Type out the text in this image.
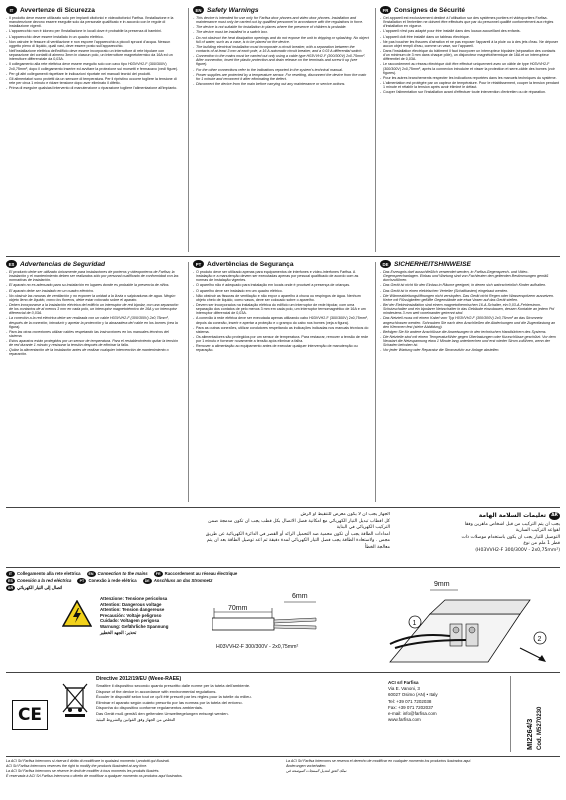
IT Avvertenze di Sicurezza
- Il prodotto deve essere utilizzato solo per impianti citofonici e videocitofonici Farfisa. l'installazione e la manutenzione devono essere eseguite solo da personale qualificato e in accordo con le regole di installazione vigenti.
- L'apparecchio non è idoneo per l'installazione in locali dove è probabile la presenza di bambini.
- L'apparecchio deve essere installato in un quadro elettrico.
- Non ostruire le fessure di ventilazione e non esporre l'apparecchio a piccoli spruzzi d'acqua. Nessun oggetto pieno di liquido, quali vasi, deve essere posto sull'apparecchio.
- Nell'installazione elettrica dell'edificio deve essere incorporato un interruttore di rete bipolare con separazione dei contatti di almeno 3mm in ciascun polo, un interruttore magnetotermico da 16A ed un interruttore differenziale da 0,03A.
- Il collegamento alla rete elettrica deve essere eseguito solo con cavo tipo H03VVH2-F (300/300V) 2x0,75mm², dopo il collegamento inserire ed avvitare la protezione sui morsetti e fermacavo (vedi figure).
- Per gli altri collegamenti rispettare le indicazioni riportate nei manuali tecnici dei prodotti.
- Gli alimentatori sono protetti da un sensore di temperatura. Per il ripristino occorre togliere la tensione di rete per circa 1 minuto e ridare tensione dopo aver eliminato il difetto.
- Prima di eseguire qualsiasi intervento di manutenzione o riparazione togliere l'alimentazione all'impianto.
EN Safety Warnings
- This device is intended for use only for Farfisa door phones and video door phones. Installation and maintenance must only be carried out by qualified personnel in accordance with the regulations in force.
- The device is not suitable for installation in places where the presence of children is probable.
- The device must be installed in a switch box.
- Do not obstruct the heat dissipation openings and do not expose the unit to dripping or splashing. No object full of water, such as a vase, is to be placed on the device.
- The building electrical installation must incorporate a circuit breaker, with a separation between the contacts of at least 3 mm at each pole, a 16 A automatic circuit breaker, and a 0.03 A differential switch.
- Connection to the mains must be carried out only using a cable type H03VVH2-F (300/300V) 2x0.75mm². After connection, insert the plastic protection and drain release on the terminals and screw it up (see figure).
- For the other connections refer to the indications reported in the system's technical manual.
- Power supplies are protected by a temperature sensor. For resetting, disconnect the device from the main for 1 minute and reconnect it after eliminating the defect.
- Disconnect the device from the main before carrying out any maintenance or service actions.
FR Consignes de Sécurité
- Cet appareil est exclusivement destiné à l'utilisation sur des systèmes portiers et vidéoportiers Farfisa. l'installation et l'entretien ne doivent être effectués que par du personnel qualifié conformément aux règles d'installation en vigueur.
- L'appareil n'est pas adapté pour être installé dans des locaux accueillant des enfants.
- L'appareil doit être installé dans un tableau électrique.
- Ne pas boucher les fissures d'aération et ne pas exposer l'appareil à la pluie ou à des jets d'eau. Ne déposer aucun objet rempli d'eau, comme un vase, sur l'appareil.
- Dans l'installation électrique du bâtiment il faut incorporer un interrupteur bipolaire (séparation des contacts d'un minimum de 3 mm dans chaque pôle), un disjoncteur magnétothermique de 16A et un interrupteur différentiel de 0,03A.
- Le raccordement au réseau électrique doit être effectué uniquement avec un câble de type H03VVH2-F (300/300V) 2x0,75mm², après la connexion introduire et visser la protection et serre-câble des bornes (voir figures).
- Pour les autres branchements respecter les indications reportées dans les manuels techniques du système.
- L'alimentation est protégée par un capteur de température. Pour le rétablissement, couper la tension pendant 1 minute et rétablir la tension après avoir éliminé le défaut.
- Couper l'alimentation sur l'installation avant d'effectuer toute intervention d'entretien ou de réparation.
ES Advertencias de Seguridad
- El producto debe ser utilizado únicamente para instalaciones de porteros y videoporteros de Farfisa; la instalación y el mantenimiento deben ser realizados sólo por personal cualificado de conformidad con las normativas de instalación.
- El aparato no es adecuado para su instalación en lugares donde es probable la presencia de niños.
- El aparato debe ser instalado en un cuadro eléctrico.
- No obstruir las ranuras de ventilación y no exponer la unidad a la lluvia o salpicaduras de agua. Ningún objeto lleno de líquido, como los floreros, debe estar colocado sobre el aparato.
- Deben incorporarse a la instalación eléctrica del edificio un interruptor de red bipolar, con una separación de los contactos de al menos 3 mm en cada polo, un interruptor magnetotérmico de 16A y un interruptor diferencial de 0,03A.
- La conexión a la red eléctrica debe ser realizada con un cable H03VVH2-F (300/300V) 2x0,75mm², después de la conexión, introducir y apretar la protección y la abrazadera del cable en los bornes (vea la figura).
- Para las otras conexiones utilizar cables respetando las instrucciones en los manuales técnicos del sistema.
- Estos aparatos están protegidos por un sensor de temperatura. Para el restablecimiento quitar la tensión de red durante 1 minuto y restaurar la tensión después de eliminar la falla.
- Quitar la alimentación de la instalación antes de realizar cualquier intervención de mantenimiento o reparación.
PT Advertências de Segurança
- O produto deve ser utilizado apenas para equipamentos de interfones e vídeo-interfones Farfisa. A instalação e a manutenção devem ser executadas apenas por pessoal qualificado de acordo com as normas de instalação vigentes.
- O aparelho não é adequado para instalação em locais onde é provável a presença de crianças.
- O aparelho deve ser instalado em um quadro elétrico.
- Não obstruir as fissuras de ventilação e não expor o aparelho à chuva ou respingos de água. Nenhum objeto cheio de líquido, como vasos, deve ser colocado sobre o aparelho.
- Devem ser incorporados na instalação elétrica do edifício um interruptor de rede bipolar, com uma separação dos contatos de pelo menos 3 mm em cada polo, um interruptor termomagnético de 16A e um interruptor diferencial de 0,03A.
- A conexão à rede elétrica deve ser executada apenas utilizando cabo H03VVH2-F (300/300V) 2x0,75mm², depois da conexão, inserir e apertar a proteção e o grampo do cabo nos bornes (veja a figura).
- Para as outras conexões, utilizar condutores respeitando as indicações indicadas nos manuais técnicos do sistema.
- Os alimentadores são protegidos por um sensor de temperatura. Para restaurar, remover a tensão de rede por 1 minuto e fornecer novamente a tensão após eliminar a falha.
- Remover a alimentação ao equipamento antes de executar qualquer intervenção de manutenção ou reparação.
DE SICHERHEITSHINWEISE
- Das Erzeugnis darf ausschließlich verwendet werden, in Farfisa-Gegensprech- und Video-Gegensprechanlagen. Einbau und Wartung sind von Fachleuten den geltenden Bestimmungen gemäß durchzuführen.
- Das Gerät ist nicht für den Einbau in Räume geeignet, in denen sich wahrscheinlich Kinder aufhalten.
- Das Gerät ist in einen elektrischen Verteiler (Schaltkasten) eingebaut werden.
- Die Wärmeableitungsöffnungen nicht verstopfen. Das Gerät nicht Regen oder Wasserspritzern aussetzen. Keine mit Flüssigkeiten gefüllte Gegenstände wie etwa Vasen auf das Gerät stellen.
- Bei der Elektroinstallation sind einem magnetothermischen 16-A-Schalter, ein 0,03-A-Fehlerstrom-Schutzschalter und ein bipolarer Netzschalter in das Gebäude einzubauen, dessen Kontakte an jedem Pol mindestens 3 mm weit voneinander getrennt sind.
- Das Netzteil muss mit einem Kabel vom Typ H03VVH2-F (300/300V) 2x0,75mm² an das Stromnetz angeschlossen werden. Schrauben Sie nach dem Anschließen die Abdeckungen und die Zugentlastung an den Klemmen fest (siehe Abbildung).
- Befolgen Sie für andere Anschlüsse die Anweisungen in den technischen Handbüchern des Systems.
- Die Netzteile sind mit einem Temperaturfühler gegen Überlastungen oder Kurzschlüsse geschützt. Vor dem Neustart die Netzspannung etwa 1 Minute lang unterbrechen und erst wieder Strom zuführen, wenn der Schaden behoben ist.
- Vor jeder Wartung oder Reparatur die Stromzufuhr zur Anlage abstellen.
الجهاز يجب ان لا يكون معرض للتنقيط أو الرش
كل اقطاب تبديل التيار الكهربائي مع امكانية فصل الاتصال بكل قطب يجب ان تكون مدمجة ضمن
التركيب الكهربائي في البناية
امدادات الطاقة يجب أن تكون محمية ضد التحميل الزائد أو القصر في الدائرة الكهربائية عن طريق
مجس . ولاستعادة الطاقة يجب فصل التيار الكهربائي لمدة دقيقة ثم اعد توصيل الطاقة بعد ان يتم
معالجة الخطأ
AR
تعليمات السلامة الهامة
يجب ان يتم التركيب من قبل اشخاص ماهرين وفقا
لقواعد التركيب السارية
التوصيل للتيار يجب ان يكون باستخدام موصلات ذات
قطر 1 ملم من نوع
(H03VVH2-F 300/300V - 2x0,75mm²)
IT	Collegamento alla rete elettrica	EN Connection to the mains	FR Raccordement au réseau électrique
ES Conexión a la red eléctrica	PT Conexão à rede elétrica	DE Anschluss an das Stromnetz
AR اتصال إلى التيار الكهربائي
Attenzione: Tensione pericolosa
Attention: Dangerous voltage
Attention: Tension dangereuse
Precaución: Voltaje peligroso
Cuidado: Voltagem perigosa
Warnung: Gefährliche Spannung
تحذير: الجهد الخطير
70mm
6mm
H03VVH2-F 300/300V - 2x0,75mm²
9mm
1
2
CE
Directive 2012/19/EU (Weee-RAEE)
Smaltire il dispositivo secondo quanto prescritto dalle norme per la tutela dell'ambiente.
Dispose of the device in accordance with environmental regulations.
Écouler le dispositif selon tout ce qu'il été prescrit par les règles pour la tutelle du milieu.
Eliminar el aparato según cuánto prescrito por las normas por la tutela del entorno.
Disponha do dispositivo conforme regulamentos ambientais.
Das Gerät muß gemäß den geltenden Umweltregelungen entsorgt werden.
التخلص من الجهاز وفق القوانين والشروط البيئية
ACI srl Farfisa
Via E. Vanoni, 3
60027 Osimo (AN) • Italy
Tel: +39 071 7202038
Fax: +39 071 7202037
e-mail: info@farfisa.com
www.farfisa.com	MI2264/3 Cod. M5270230
La ACI Srl Farfisa Intercoms si riserva il diritto di modificare in qualsiasi momento i prodotti qui illustrati.
ACI Srl Farfisa Intercoms reserves the right to modify the products illustrated at any time.
La ACI Srl Farfisa Intercoms se réserve le droit de modifier à tous moments les produits illustrés.
È reservada à ACI Srl Farfisa Intercoms o direito de modificar a qualquer momento os produtos aqui ilustrados.
La ACI Srl Farfisa Intercoms se reserva el derecho de modificar en cualquier momento los productos ilustrados aquí.
Änderungen vorbehalten.
تملك الحق لتعديل المنتجات الموضحة في
